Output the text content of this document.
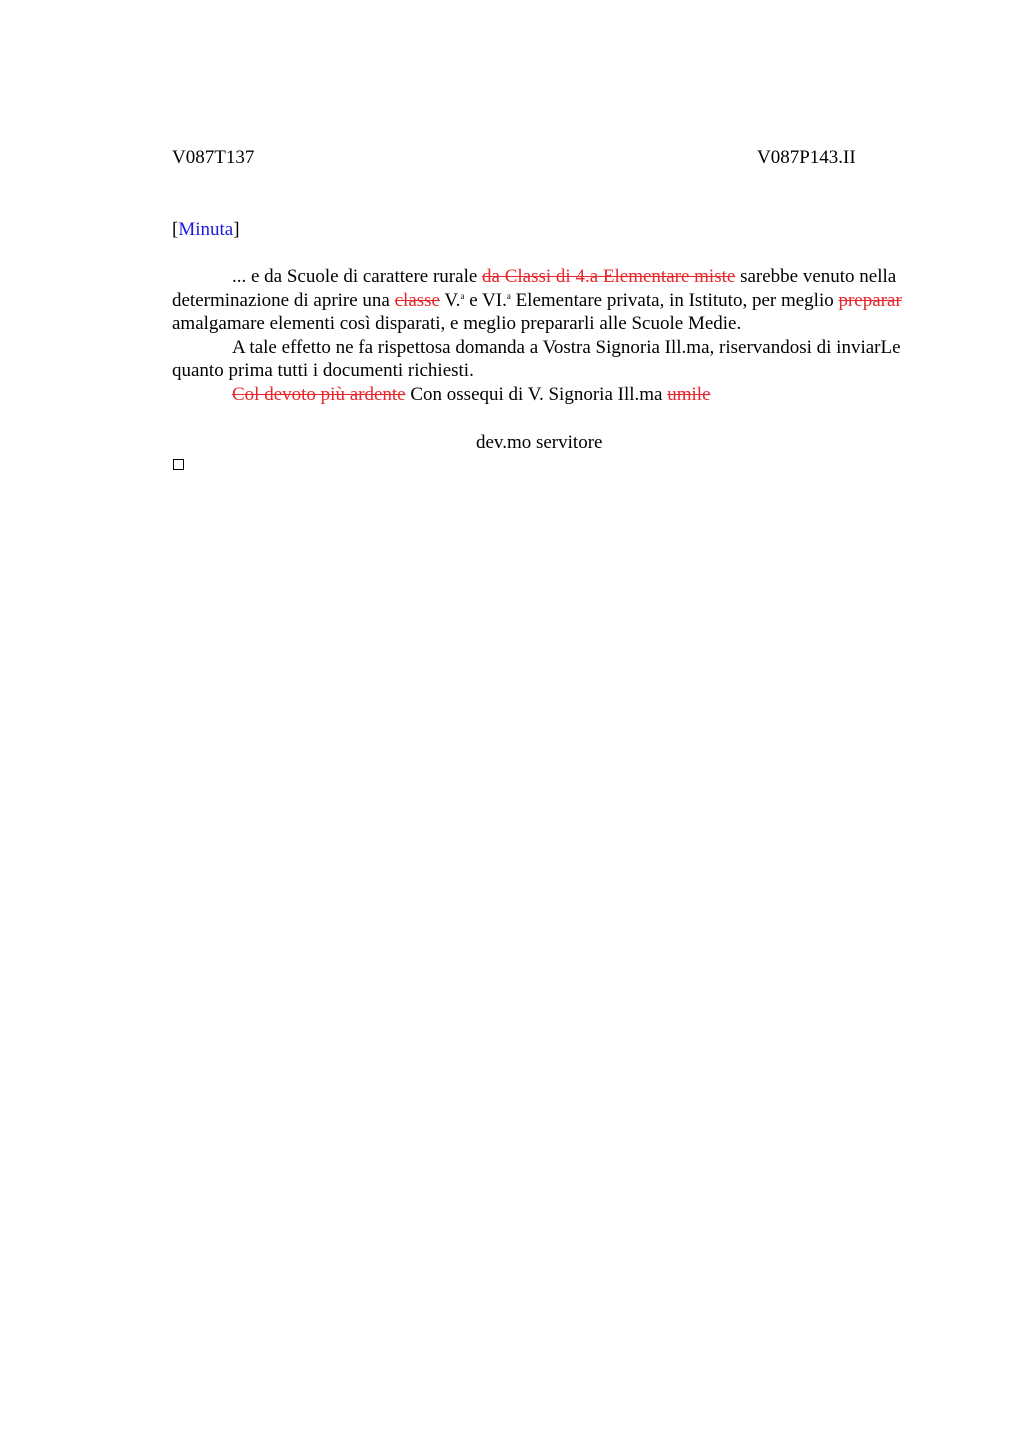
V087T137	V087P143.II
[Minuta]

... e da Scuole di carattere rurale da Classi di 4.a Elementare miste sarebbe venuto nella determinazione di aprire una classe V.$^a$ e VI.$^a$ Elementare privata, in Istituto, per meglio preparar amalgamare elementi così disparati, e meglio prepararli alle Scuole Medie.

A tale effetto ne fa rispettosa domanda a Vostra Signoria Ill.ma, riservandosi di inviarLe quanto prima tutti i documenti richiesti.

Col devoto più ardente Con ossequi di V. Signoria Ill.ma umile

dev.mo servitore
